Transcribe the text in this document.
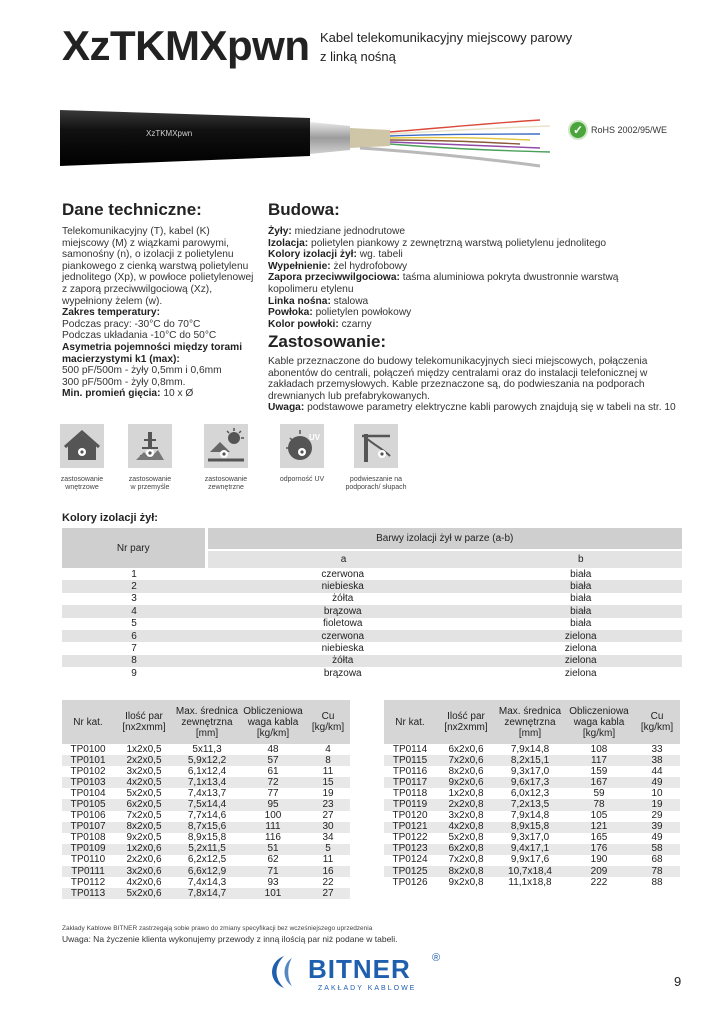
XzTKMXpwn Kabel telekomunikacyjny miejscowy parowy
z linką nośną
XzTKMXpwn	✓ RoHS 2002/95/WE
Dane techniczne:
Telekomunikacyjny (T), kabel (K) miejscowy (M) z wiązkami parowymi, samonośny (n), o izolacji z polietylenu piankowego z cienką warstwą polietylenu jednolitego (Xp), w powłoce polietylenowej z zaporą przeciwwilgociową (Xz), wypełniony żelem (w).
Zakres temperatury:
Podczas pracy: -30°C do 70°C
Podczas układania -10°C do 50°C
Asymetria pojemności między torami macierzystymi k1 (max):
500 pF/500m - żyły 0,5mm i 0,6mm
300 pF/500m - żyły 0,8mm.
Min. promień gięcia: 10 x Ø
Budowa:
Żyły: miedziane jednodrutowe
Izolacja: polietylen piankowy z zewnętrzną warstwą polietylenu jednolitego
Kolory izolacji żył: wg. tabeli
Wypełnienie: żel hydrofobowy
Zapora przeciwwilgociowa: taśma aluminiowa pokryta dwustronnie warstwą kopolimeru etylenu
Linka nośna: stalowa
Powłoka: polietylen powłokowy
Kolor powłoki: czarny
Zastosowanie:
Kable przeznaczone do budowy telekomunikacyjnych sieci miejscowych, połączenia abonentów do centrali, połączeń między centralami oraz do instalacji telefonicznej w zakładach przemysłowych. Kable przeznaczone są, do podwieszania na podporach drewnianych lub prefabrykowanych.
Uwaga: podstawowe parametry elektryczne kabli parowych znajdują się w tabeli na str. 10
UV
zastosowanie
wnętrzowe
zastosowanie
w przemyśle
zastosowanie
zewnętrzne
odporność UV	podwieszanie na
podporach/ słupach
Kolory izolacji żył:
Nr pary	Barwy izolacji żył w parze (a-b)	
	a	b
1	czerwona	biała
2	niebieska	biała
3	żółta	biała
4	brązowa	biała
5	fioletowa	biała
6	czerwona	zielona
7	niebieska	zielona
8	żółta	zielona
9	brązowa	zielona
Nr kat.	Ilość par [nx2xmm]	Max. średnica zewnętrzna [mm]	Obliczeniowa waga kabla [kg/km]	Cu [kg/km]
TP0100	1x2x0,5	5x11,3	48	4
TP0101	2x2x0,5	5,9x12,2	57	8
TP0102	3x2x0,5	6,1x12,4	61	11
TP0103	4x2x0,5	7,1x13,4	72	15
TP0104	5x2x0,5	7,4x13,7	77	19
TP0105	6x2x0,5	7,5x14,4	95	23
TP0106	7x2x0,5	7,7x14,6	100	27
TP0107	8x2x0,5	8,7x15,6	111	30
TP0108	9x2x0,5	8,9x15,8	116	34
TP0109	1x2x0,6	5,2x11,5	51	5
TP0110	2x2x0,6	6,2x12,5	62	11
TP0111	3x2x0,6	6,6x12,9	71	16
TP0112	4x2x0,6	7,4x14,3	93	22
TP0113	5x2x0,6	7,8x14,7	101	27
Nr kat.	Ilość par [nx2xmm]	Max. średnica zewnętrzna [mm]	Obliczeniowa waga kabla [kg/km]	Cu [kg/km]
TP0114	6x2x0,6	7,9x14,8	108	33
TP0115	7x2x0,6	8,2x15,1	117	38
TP0116	8x2x0,6	9,3x17,0	159	44
TP0117	9x2x0,6	9,6x17,3	167	49
TP0118	1x2x0,8	6,0x12,3	59	10
TP0119	2x2x0,8	7,2x13,5	78	19
TP0120	3x2x0,8	7,9x14,8	105	29
TP0121	4x2x0,8	8,9x15,8	121	39
TP0122	5x2x0,8	9,3x17,0	165	49
TP0123	6x2x0,8	9,4x17,1	176	58
TP0124	7x2x0,8	9,9x17,6	190	68
TP0125	8x2x0,8	10,7x18,4	209	78
TP0126	9x2x0,8	11,1x18,8	222	88
Zakłady Kablowe BITNER zastrzegają sobie prawo do zmiany specyfikacji bez wcześniejszego uprzedzenia
Uwaga: Na życzenie klienta wykonujemy przewody z inną ilością par niż podane w tabeli.
BITNER ®
ZAKŁADY KABLOWE	9
